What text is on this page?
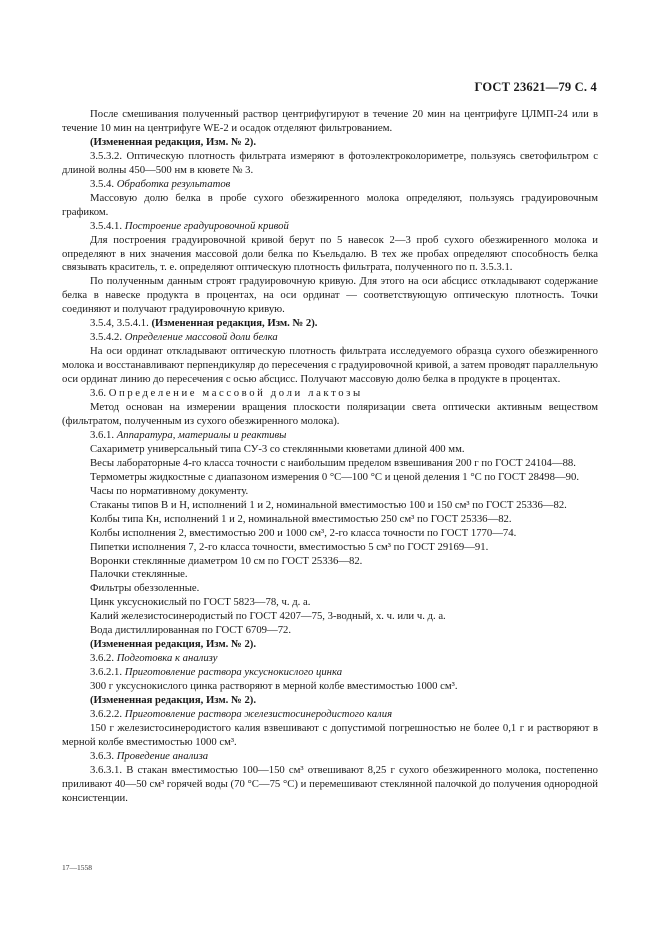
ГОСТ 23621—79 С. 4

После смешивания полученный раствор центрифугируют в течение 20 мин на центрифуге ЦЛМП-24 или в течение 10 мин на центрифуге WE-2 и осадок отделяют фильтрованием.

(Измененная редакция, Изм. № 2).

3.5.3.2. Оптическую плотность фильтрата измеряют в фотоэлектроколориметре, пользуясь светофильтром с длиной волны 450—500 нм в кювете № 3.

3.5.4. Обработка результатов

Массовую долю белка в пробе сухого обезжиренного молока определяют, пользуясь градуировочным графиком.

3.5.4.1. Построение градуировочной кривой

Для построения градуировочной кривой берут по 5 навесок 2—3 проб сухого обезжиренного молока и определяют в них значения массовой доли белка по Къельдалю. В тех же пробах определяют способность белка связывать краситель, т. е. определяют оптическую плотность фильтрата, полученного по п. 3.5.3.1.

По полученным данным строят градуировочную кривую. Для этого на оси абсцисс откладывают содержание белка в навеске продукта в процентах, на оси ординат — соответствующую оптическую плотность. Точки соединяют и получают градуировочную кривую.

3.5.4, 3.5.4.1. (Измененная редакция, Изм. № 2).

3.5.4.2. Определение массовой доли белка

На оси ординат откладывают оптическую плотность фильтрата исследуемого образца сухого обезжиренного молока и восстанавливают перпендикуляр до пересечения с градуировочной кривой, а затем проводят параллельную оси ординат линию до пересечения с осью абсцисс. Получают массовую долю белка в продукте в процентах.

3.6. Определение массовой доли лактозы

Метод основан на измерении вращения плоскости поляризации света оптически активным веществом (фильтратом, полученным из сухого обезжиренного молока).

3.6.1. Аппаратура, материалы и реактивы

Сахариметр универсальный типа СУ-3 со стеклянными кюветами длиной 400 мм.

Весы лабораторные 4-го класса точности с наибольшим пределом взвешивания 200 г по ГОСТ 24104—88.

Термометры жидкостные с диапазоном измерения 0 °С—100 °С и ценой деления 1 °С по ГОСТ 28498—90.

Часы по нормативному документу.

Стаканы типов В и Н, исполнений 1 и 2, номинальной вместимостью 100 и 150 см³ по ГОСТ 25336—82.

Колбы типа Кн, исполнений 1 и 2, номинальной вместимостью 250 см³ по ГОСТ 25336—82.

Колбы исполнения 2, вместимостью 200 и 1000 см³, 2-го класса точности по ГОСТ 1770—74.

Пипетки исполнения 7, 2-го класса точности, вместимостью 5 см³ по ГОСТ 29169—91.

Воронки стеклянные диаметром 10 см по ГОСТ 25336—82.

Палочки стеклянные.

Фильтры обеззоленные.

Цинк уксуснокислый по ГОСТ 5823—78, ч. д. а.

Калий железистосинеродистый по ГОСТ 4207—75, 3-водный, х. ч. или ч. д. а.

Вода дистиллированная по ГОСТ 6709—72.

(Измененная редакция, Изм. № 2).

3.6.2. Подготовка к анализу

3.6.2.1. Приготовление раствора уксуснокислого цинка

300 г уксуснокислого цинка растворяют в мерной колбе вместимостью 1000 см³.

(Измененная редакция, Изм. № 2).

3.6.2.2. Приготовление раствора железистосинеродистого калия

150 г железистосинеродистого калия взвешивают с допустимой погрешностью не более 0,1 г и растворяют в мерной колбе вместимостью 1000 см³.

3.6.3. Проведение анализа

3.6.3.1. В стакан вместимостью 100—150 см³ отвешивают 8,25 г сухого обезжиренного молока, постепенно приливают 40—50 см³ горячей воды (70 °С—75 °С) и перемешивают стеклянной палочкой до получения однородной консистенции.

17—1558
